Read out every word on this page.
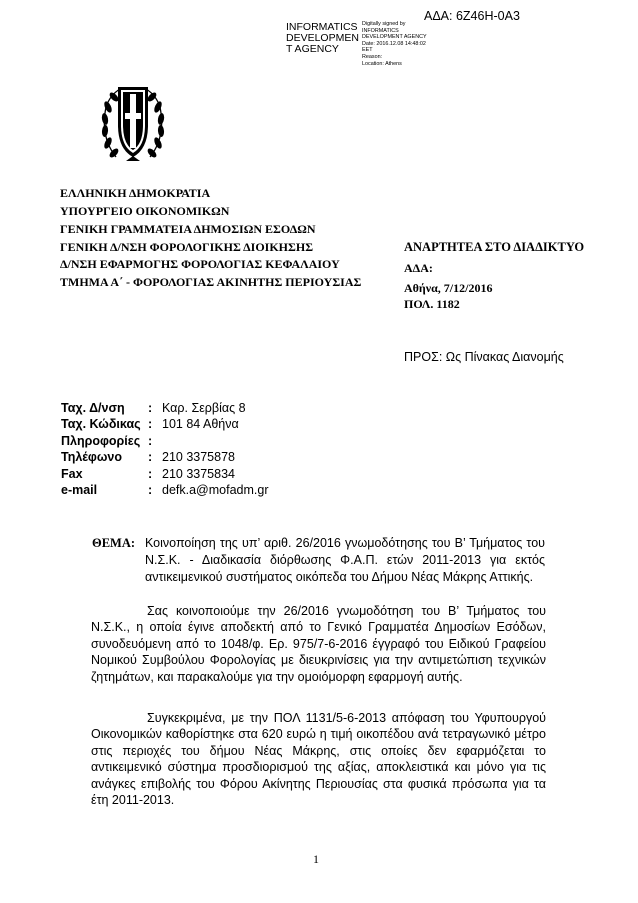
ΑΔΑ: 6Ζ46Η-0Α3
INFORMATICS
DEVELOPMEN
T AGENCY
Digitally signed by
INFORMATICS
DEVELOPMENT AGENCY
Date: 2016.12.08 14:48:02
EET
Reason:
Location: Athens
ΕΛΛΗΝΙΚΗ ΔΗΜΟΚΡΑΤΙΑ
ΥΠΟΥΡΓΕΙΟ ΟΙΚΟΝΟΜΙΚΩΝ
ΓΕΝΙΚΗ ΓΡΑΜΜΑΤΕΙΑ ΔΗΜΟΣΙΩΝ ΕΣΟΔΩΝ
ΓΕΝΙΚΗ Δ/ΝΣΗ ΦΟΡΟΛΟΓΙΚΗΣ ΔΙΟΙΚΗΣΗΣ
Δ/ΝΣΗ ΕΦΑΡΜΟΓΗΣ ΦΟΡΟΛΟΓΙΑΣ ΚΕΦΑΛΑΙΟΥ
ΤΜΗΜΑ Α΄ - ΦΟΡΟΛΟΓΙΑΣ ΑΚΙΝΗΤΗΣ ΠΕΡΙΟΥΣΙΑΣ
ΑΝΑΡΤΗΤΕΑ ΣΤΟ ΔΙΑΔΙΚΤΥΟ
ΑΔΑ:
Αθήνα, 7/12/2016
ΠΟΛ. 1182
ΠΡΟΣ: Ως Πίνακας Διανομής
Ταχ. Δ/νση : Καρ. Σερβίας 8
Ταχ. Κώδικας : 101 84 Αθήνα
Πληροφορίες :
Τηλέφωνο : 210 3375878
Fax	: 210 3375834
e-mail	: defk.a@mofadm.gr
ΘΕΜΑ: Κοινοποίηση της υπ’ αριθ. 26/2016 γνωμοδότησης του Β’ Τμήματος του Ν.Σ.Κ. - Διαδικασία διόρθωσης Φ.Α.Π. ετών 2011-2013 για εκτός
αντικειμενικού συστήματος οικόπεδα του Δήμου Νέας Μάκρης Αττικής.
Σας κοινοποιούμε την 26/2016 γνωμοδότηση του Β’ Τμήματος του Ν.Σ.Κ., η οποία έγινε αποδεκτή από το Γενικό Γραμματέα Δημοσίων Εσόδων, συνοδευόμενη από το 1048/φ. Ερ. 975/7-6-2016 έγγραφό του Ειδικού Γραφείου Νομικού Συμβούλου Φορολογίας με διευκρινίσεις για την αντιμετώπιση τεχνικών ζητημάτων, και παρακαλούμε για την ομοιόμορφη εφαρμογή αυτής.
Συγκεκριμένα, με την ΠΟΛ 1131/5-6-2013 απόφαση του Υφυπουργού Οικονομικών καθορίστηκε στα 620 ευρώ η τιμή οικοπέδου ανά τετραγωνικό μέτρο στις περιοχές του δήμου Νέας Μάκρης, στις οποίες δεν εφαρμόζεται το αντικειμενικό σύστημα προσδιορισμού της αξίας, αποκλειστικά και μόνο για τις ανάγκες επιβολής του Φόρου Ακίνητης Περιουσίας στα φυσικά πρόσωπα για τα έτη 2011-2013.
1
